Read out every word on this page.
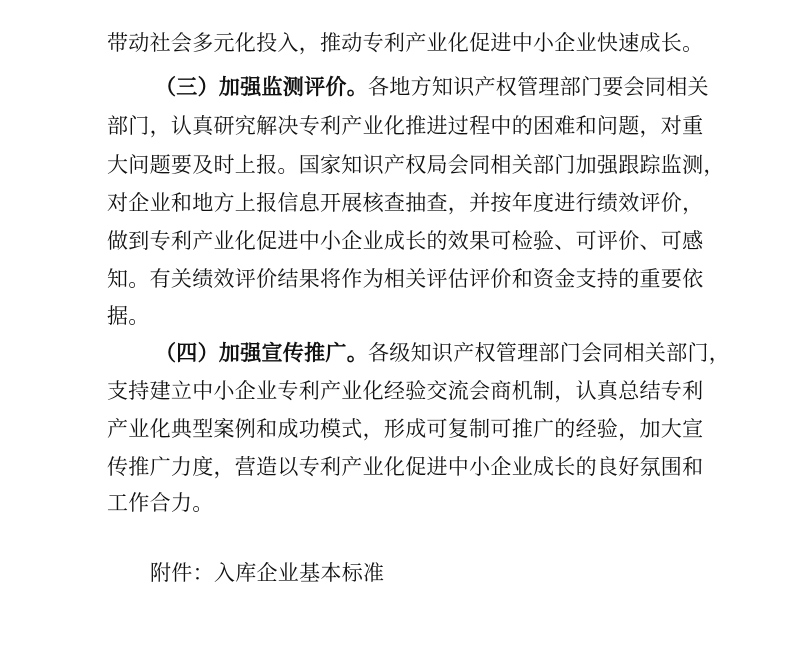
带动社会多元化投入，推动专利产业化促进中小企业快速成长。
（三）加强监测评价。各地方知识产权管理部门要会同相关
部门，认真研究解决专利产业化推进过程中的困难和问题，对重
大问题要及时上报。国家知识产权局会同相关部门加强跟踪监测，
对企业和地方上报信息开展核查抽查，并按年度进行绩效评价，
做到专利产业化促进中小企业成长的效果可检验、可评价、可感
知。有关绩效评价结果将作为相关评估评价和资金支持的重要依
据。
（四）加强宣传推广。各级知识产权管理部门会同相关部门，
支持建立中小企业专利产业化经验交流会商机制，认真总结专利
产业化典型案例和成功模式，形成可复制可推广的经验，加大宣
传推广力度，营造以专利产业化促进中小企业成长的良好氛围和
工作合力。
附件：入库企业基本标准
